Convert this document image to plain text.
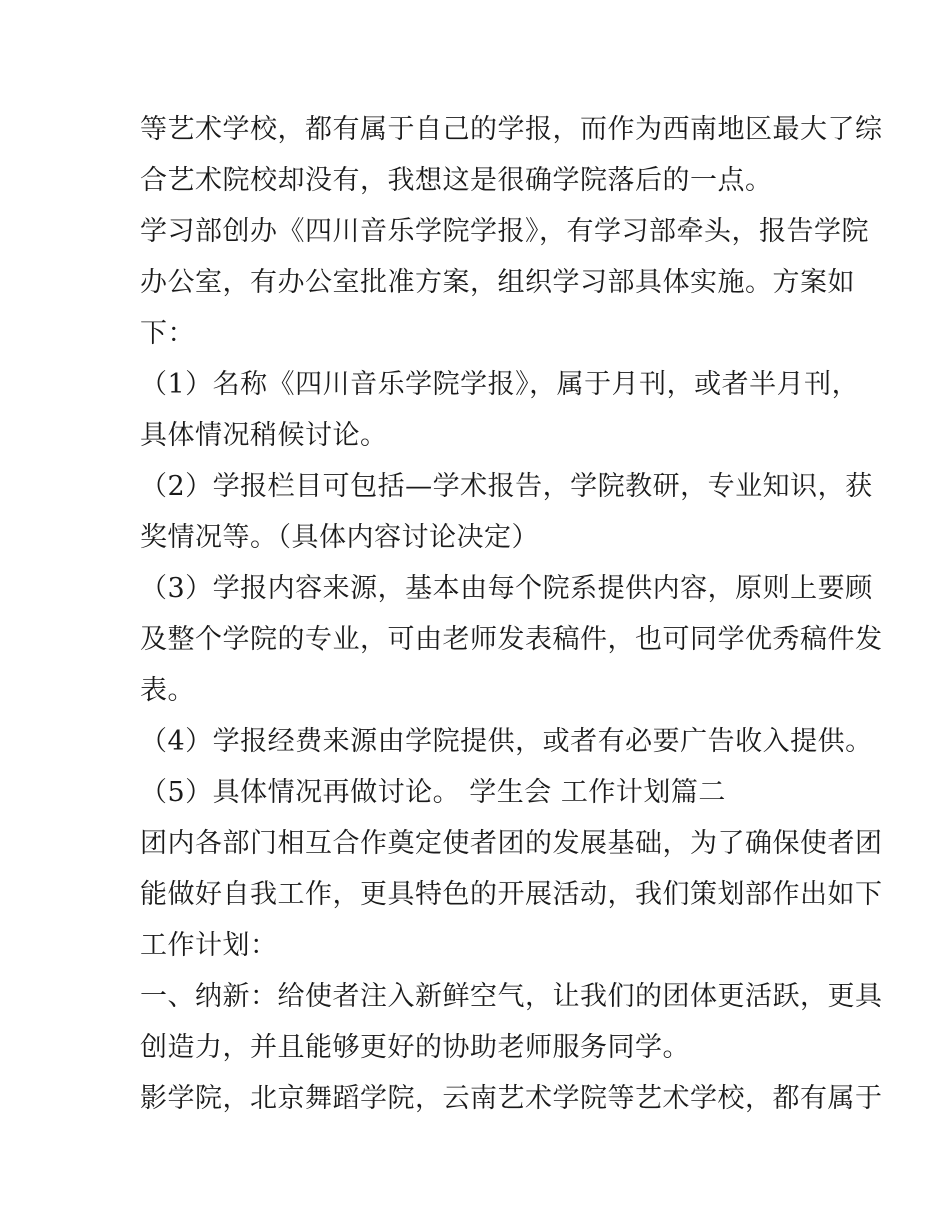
等艺术学校，都有属于自己的学报，而作为西南地区最大了综
合艺术院校却没有，我想这是很确学院落后的一点。
学习部创办《四川音乐学院学报》，有学习部牵头，报告学院
办公室，有办公室批准方案，组织学习部具体实施。方案如
下：
（1）名称《四川音乐学院学报》，属于月刊，或者半月刊，
具体情况稍候讨论。
（2）学报栏目可包括—学术报告，学院教研，专业知识，获
奖情况等。（具体内容讨论决定）
（3）学报内容来源，基本由每个院系提供内容，原则上要顾
及整个学院的专业，可由老师发表稿件，也可同学优秀稿件发
表。
（4）学报经费来源由学院提供，或者有必要广告收入提供。
（5）具体情况再做讨论。 学生会 工作计划篇二
团内各部门相互合作奠定使者团的发展基础，为了确保使者团
能做好自我工作，更具特色的开展活动，我们策划部作出如下
工作计划：
一、纳新：给使者注入新鲜空气，让我们的团体更活跃，更具
创造力，并且能够更好的协助老师服务同学。
影学院，北京舞蹈学院，云南艺术学院等艺术学校，都有属于
